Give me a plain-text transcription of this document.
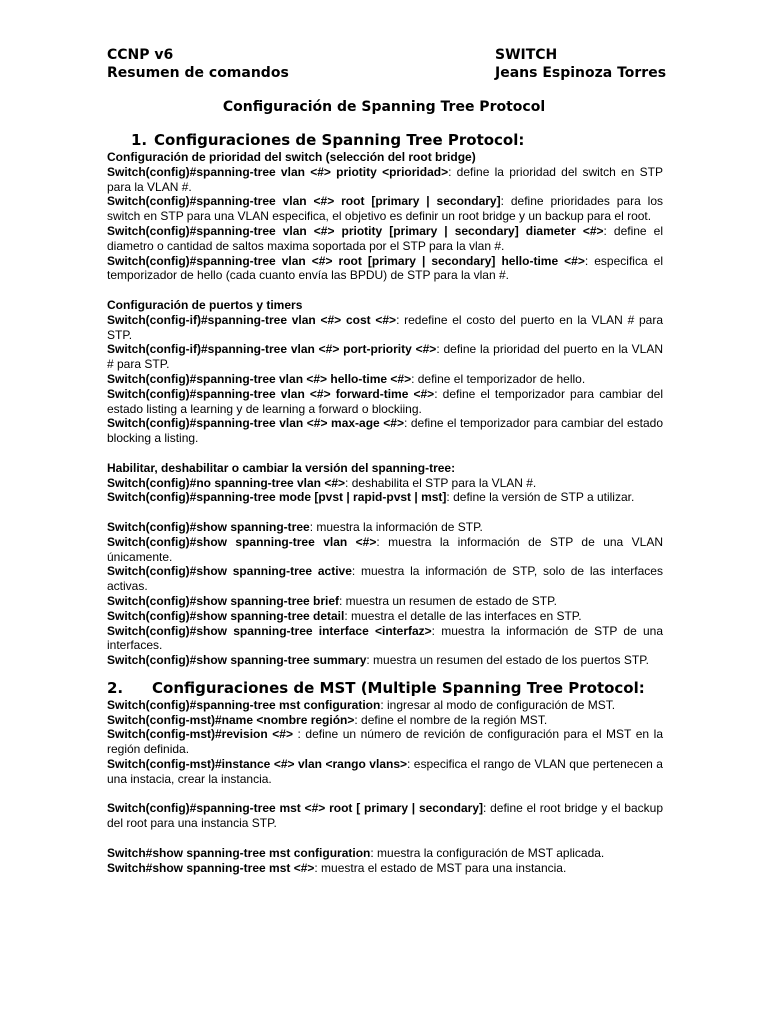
CCNP v6
Resumen de comandos
SWITCH
Jeans Espinoza Torres
Configuración de Spanning Tree Protocol
1. Configuraciones de Spanning Tree Protocol:
Configuración de prioridad del switch (selección del root bridge)

Switch(config)#spanning-tree vlan <#> priotity <prioridad>: define la prioridad del switch en STP para la VLAN #.

Switch(config)#spanning-tree vlan <#> root [primary | secondary]: define prioridades para los switch en STP para una VLAN especifica, el objetivo es definir un root bridge y un backup para el root.

Switch(config)#spanning-tree vlan <#> priotity [primary | secondary] diameter <#>: define el diametro o cantidad de saltos maxima soportada por el STP para la vlan #.

Switch(config)#spanning-tree vlan <#> root [primary | secondary] hello-time <#>: especifica el temporizador de hello (cada cuanto envía las BPDU) de STP para la vlan #.

Configuración de puertos y timers

Switch(config-if)#spanning-tree vlan <#> cost <#>: redefine el costo del puerto en la VLAN # para STP.

Switch(config-if)#spanning-tree vlan <#> port-priority <#>: define la prioridad del puerto en la VLAN # para STP.

Switch(config)#spanning-tree vlan <#> hello-time <#>: define el temporizador de hello.

Switch(config)#spanning-tree vlan <#> forward-time <#>: define el temporizador para cambiar del estado listing a learning y de learning a forward o blockiing.

Switch(config)#spanning-tree vlan <#> max-age <#>: define el temporizador para cambiar del estado blocking a listing.

Habilitar, deshabilitar o cambiar la versión del spanning-tree:

Switch(config)#no spanning-tree vlan <#>: deshabilita el STP para la VLAN #.

Switch(config)#spanning-tree mode [pvst | rapid-pvst | mst]: define la versión de STP a utilizar.

Switch(config)#show spanning-tree: muestra la información de STP.

Switch(config)#show spanning-tree vlan <#>: muestra la información de STP de una VLAN únicamente.

Switch(config)#show spanning-tree active: muestra la información de STP, solo de las interfaces activas.

Switch(config)#show spanning-tree brief: muestra un resumen de estado de STP.

Switch(config)#show spanning-tree detail: muestra el detalle de las interfaces en STP.

Switch(config)#show spanning-tree interface <interfaz>: muestra la información de STP de una interfaces.

Switch(config)#show spanning-tree summary: muestra un resumen del estado de los puertos STP.

2. Configuraciones de MST (Multiple Spanning Tree Protocol:

Switch(config)#spanning-tree mst configuration: ingresar al modo de configuración de MST.

Switch(config-mst)#name <nombre región>: define el nombre de la región MST.

Switch(config-mst)#revision <#> : define un número de revición de configuración para el MST en la región definida.

Switch(config-mst)#instance <#> vlan <rango vlans>: especifica el rango de VLAN que pertenecen a una instacia, crear la instancia.

Switch(config)#spanning-tree mst <#> root [ primary | secondary]: define el root bridge y el backup del root para una instancia STP.

Switch#show spanning-tree mst configuration: muestra la configuración de MST aplicada.

Switch#show spanning-tree mst <#>: muestra el estado de MST para una instancia.
